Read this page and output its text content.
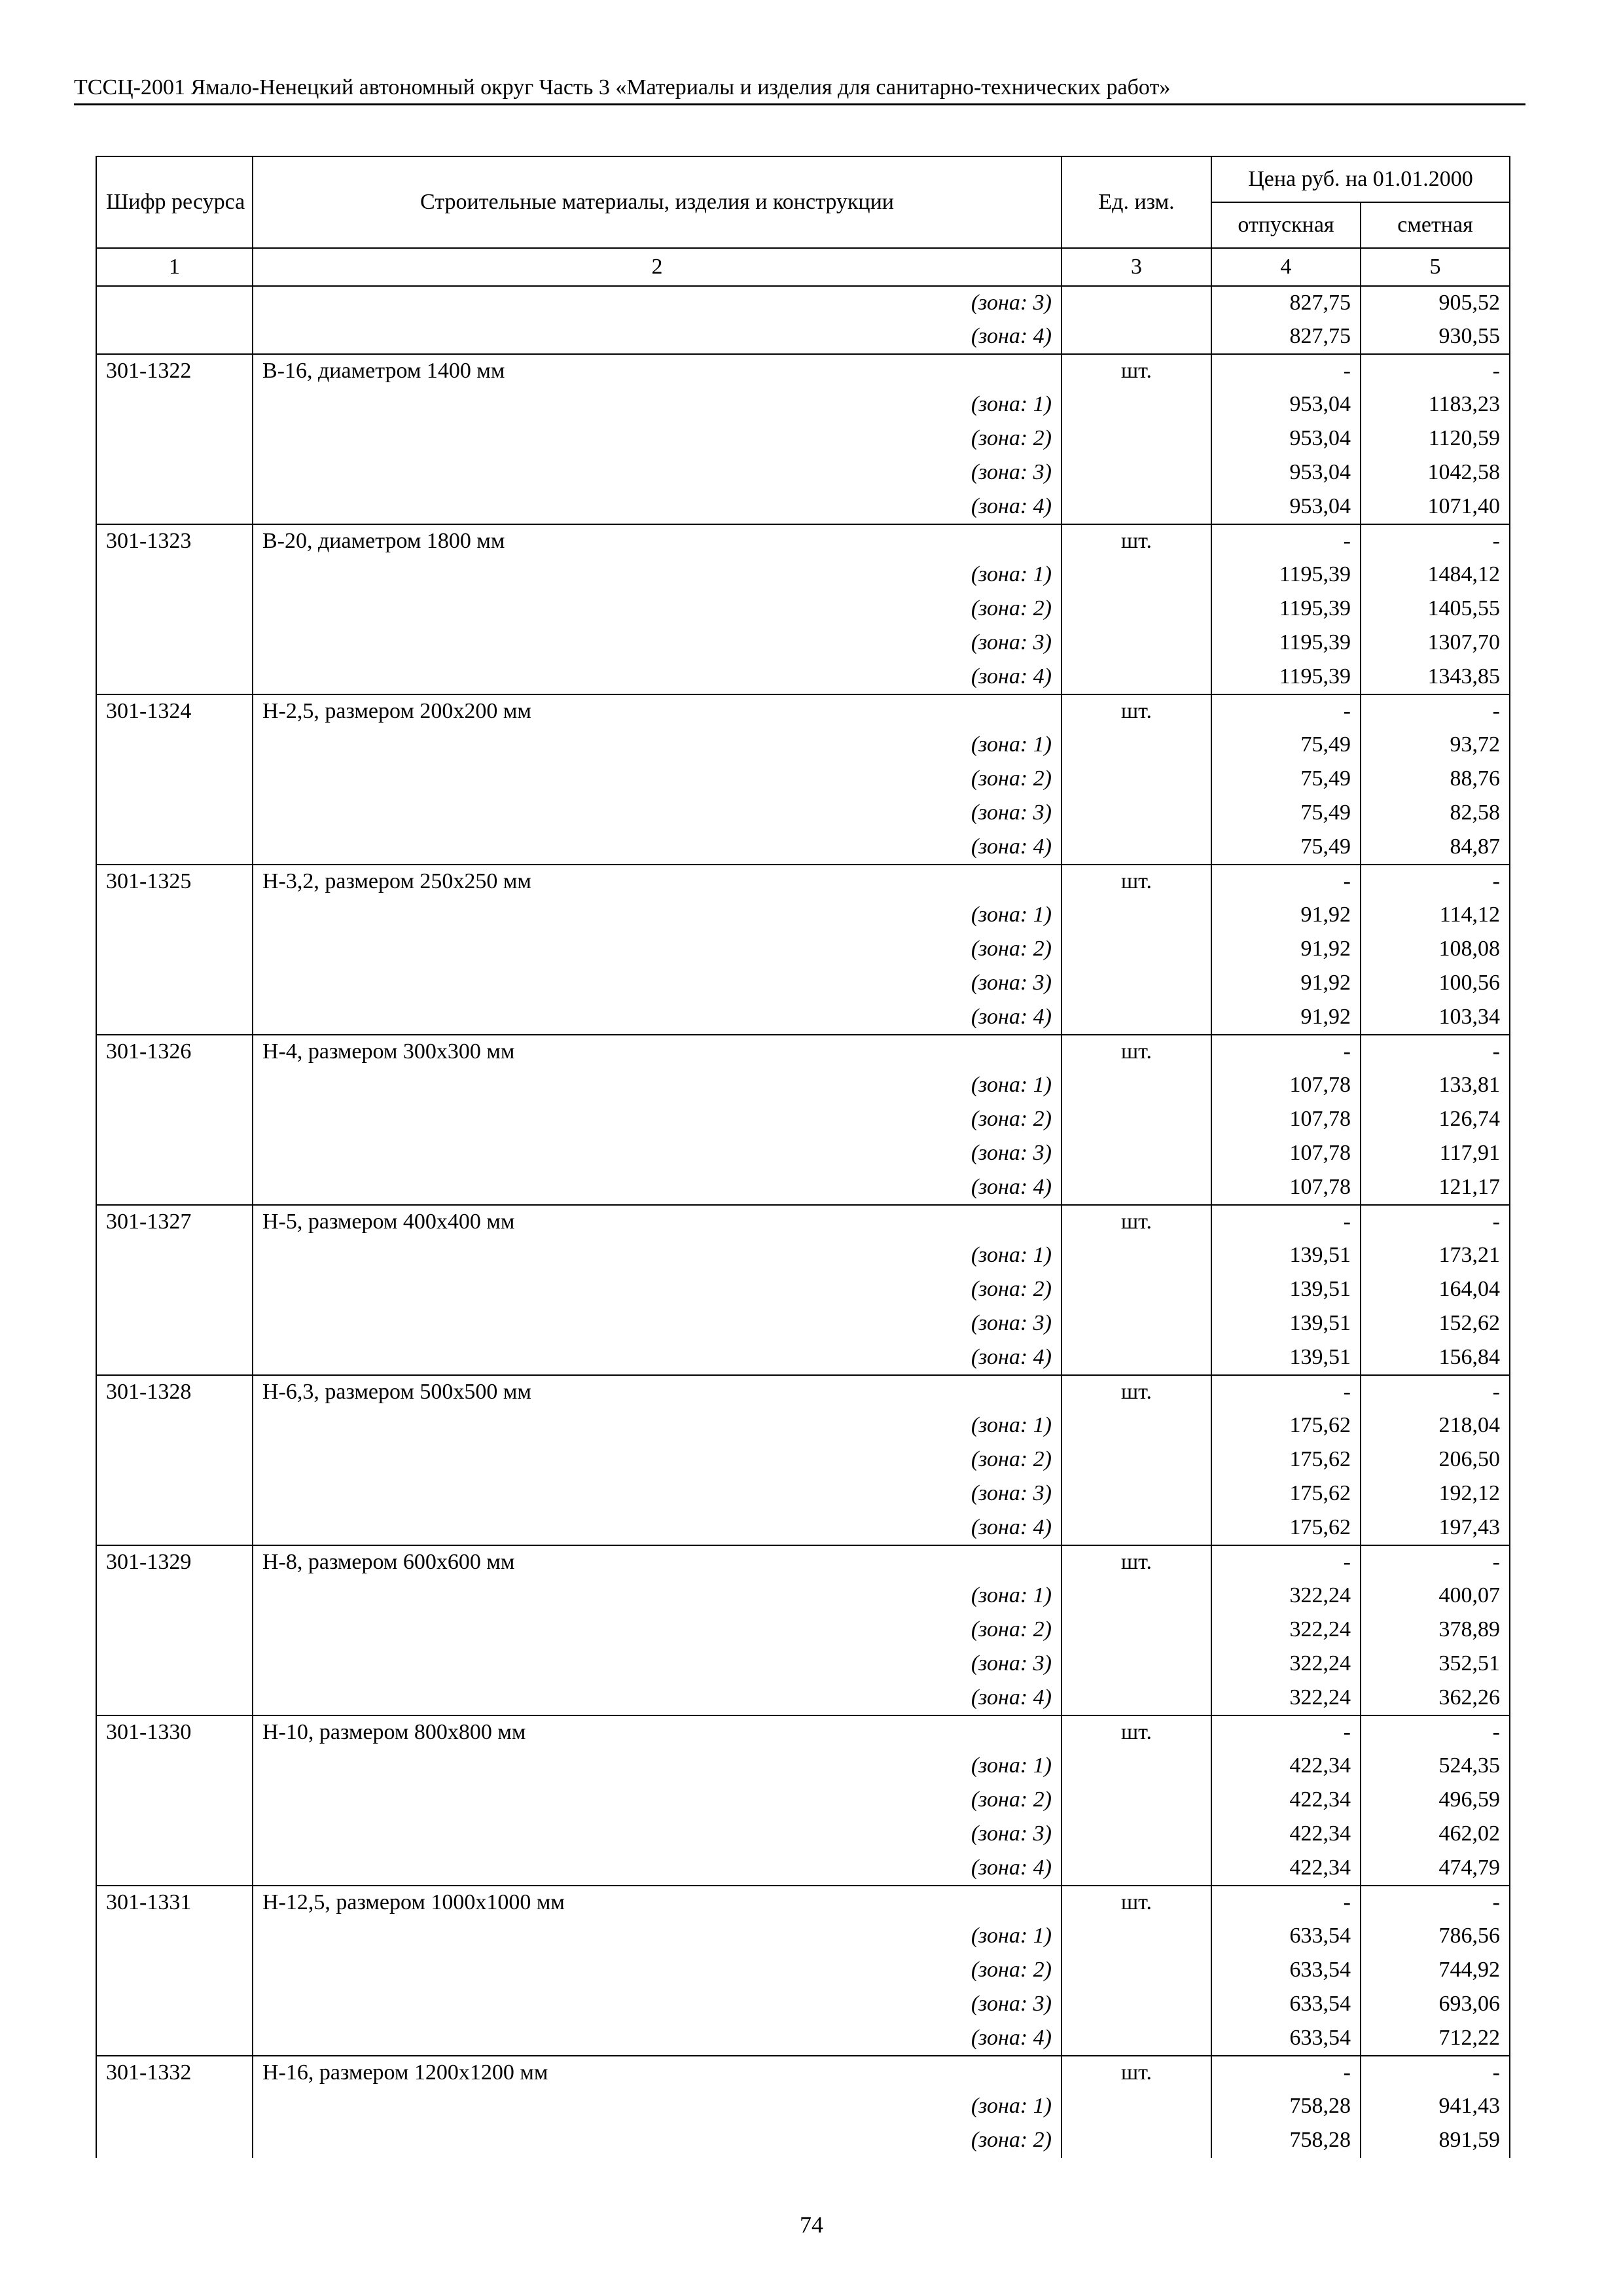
ТССЦ-2001 Ямало-Ненецкий автономный округ Часть 3 «Материалы и изделия для санитарно-технических работ»
Шифр ресурса	Строительные материалы, изделия и конструкции	Ед. изм.	Цена руб. на 01.01.2000	
			отпускная	сметная
1	2	3	4	5
	(зона: 3)		827,75	905,52
	(зона: 4)		827,75	930,55
301-1322	В-16, диаметром 1400 мм	шт.	-	-
	(зона: 1)		953,04	1183,23
	(зона: 2)		953,04	1120,59
	(зона: 3)		953,04	1042,58
	(зона: 4)		953,04	1071,40
301-1323	В-20, диаметром 1800 мм	шт.	-	-
	(зона: 1)		1195,39	1484,12
	(зона: 2)		1195,39	1405,55
	(зона: 3)		1195,39	1307,70
	(зона: 4)		1195,39	1343,85
301-1324	Н-2,5, размером 200x200 мм	шт.	-	-
	(зона: 1)		75,49	93,72
	(зона: 2)		75,49	88,76
	(зона: 3)		75,49	82,58
	(зона: 4)		75,49	84,87
301-1325	Н-3,2, размером 250x250 мм	шт.	-	-
	(зона: 1)		91,92	114,12
	(зона: 2)		91,92	108,08
	(зона: 3)		91,92	100,56
	(зона: 4)		91,92	103,34
301-1326	Н-4, размером 300x300 мм	шт.	-	-
	(зона: 1)		107,78	133,81
	(зона: 2)		107,78	126,74
	(зона: 3)		107,78	117,91
	(зона: 4)		107,78	121,17
301-1327	Н-5, размером 400x400 мм	шт.	-	-
	(зона: 1)		139,51	173,21
	(зона: 2)		139,51	164,04
	(зона: 3)		139,51	152,62
	(зона: 4)		139,51	156,84
301-1328	Н-6,3, размером 500x500 мм	шт.	-	-
	(зона: 1)		175,62	218,04
	(зона: 2)		175,62	206,50
	(зона: 3)		175,62	192,12
	(зона: 4)		175,62	197,43
301-1329	Н-8, размером 600x600 мм	шт.	-	-
	(зона: 1)		322,24	400,07
	(зона: 2)		322,24	378,89
	(зона: 3)		322,24	352,51
	(зона: 4)		322,24	362,26
301-1330	Н-10, размером 800x800 мм	шт.	-	-
	(зона: 1)		422,34	524,35
	(зона: 2)		422,34	496,59
	(зона: 3)		422,34	462,02
	(зона: 4)		422,34	474,79
301-1331	Н-12,5, размером 1000x1000 мм	шт.	-	-
	(зона: 1)		633,54	786,56
	(зона: 2)		633,54	744,92
	(зона: 3)		633,54	693,06
	(зона: 4)		633,54	712,22
301-1332	Н-16, размером 1200x1200 мм	шт.	-	-
	(зона: 1)		758,28	941,43
	(зона: 2)		758,28	891,59
74
